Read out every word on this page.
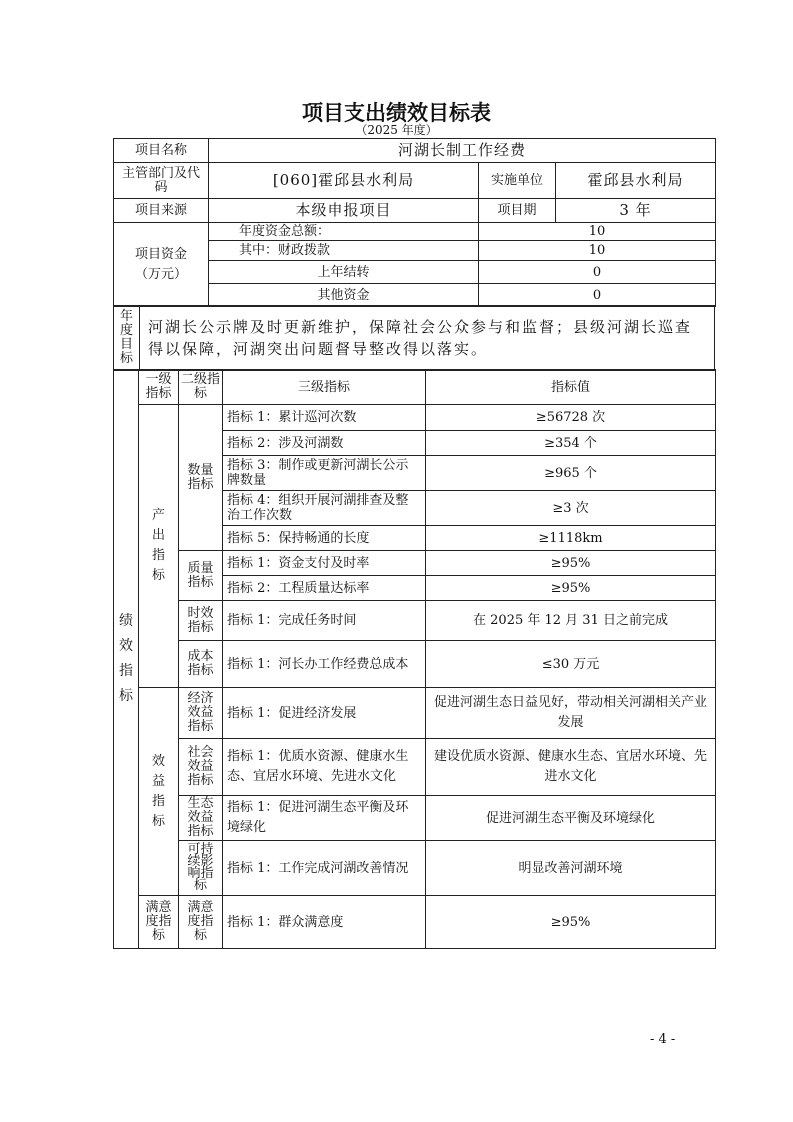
项目支出绩效目标表
（2025 年度）
项目名称	河湖长制工作经费		
主管部门及代码	[060]霍邱县水利局	实施单位	霍邱县水利局
项目来源	本级申报项目	项目期	3 年
项目资金（万元）	年度资金总额：	10	
	其中：财政拨款	10	
	上年结转	0	
	其他资金	0	
年度目标	河湖长公示牌及时更新维护，保障社会公众参与和监督；县级河湖长巡查得以保障，河湖突出问题督导整改得以落实。
绩效指标	一级指标	二级指标	三级指标	指标值
	产出指标	数量指标	指标 1：累计巡河次数	≥56728 次
			指标 2：涉及河湖数	≥354 个
			指标 3：制作或更新河湖长公示牌数量	≥965 个
			指标 4：组织开展河湖排查及整治工作次数	≥3 次
			指标 5：保持畅通的长度	≥1118km
		质量指标	指标 1：资金支付及时率	≥95%
			指标 2：工程质量达标率	≥95%
		时效指标	指标 1：完成任务时间	在 2025 年 12 月 31 日之前完成
		成本指标	指标 1：河长办工作经费总成本	≤30 万元
	效益指标	经济效益指标	指标 1：促进经济发展	促进河湖生态日益见好，带动相关河湖相关产业发展
		社会效益指标	指标 1：优质水资源、健康水生态、宜居水环境、先进水文化	建设优质水资源、健康水生态、宜居水环境、先进水文化
		生态效益指标	指标 1：促进河湖生态平衡及环境绿化	促进河湖生态平衡及环境绿化
		可持续影响指标	指标 1：工作完成河湖改善情况	明显改善河湖环境
	满意度指标	满意度指标	指标 1：群众满意度	≥95%
- 4 -
